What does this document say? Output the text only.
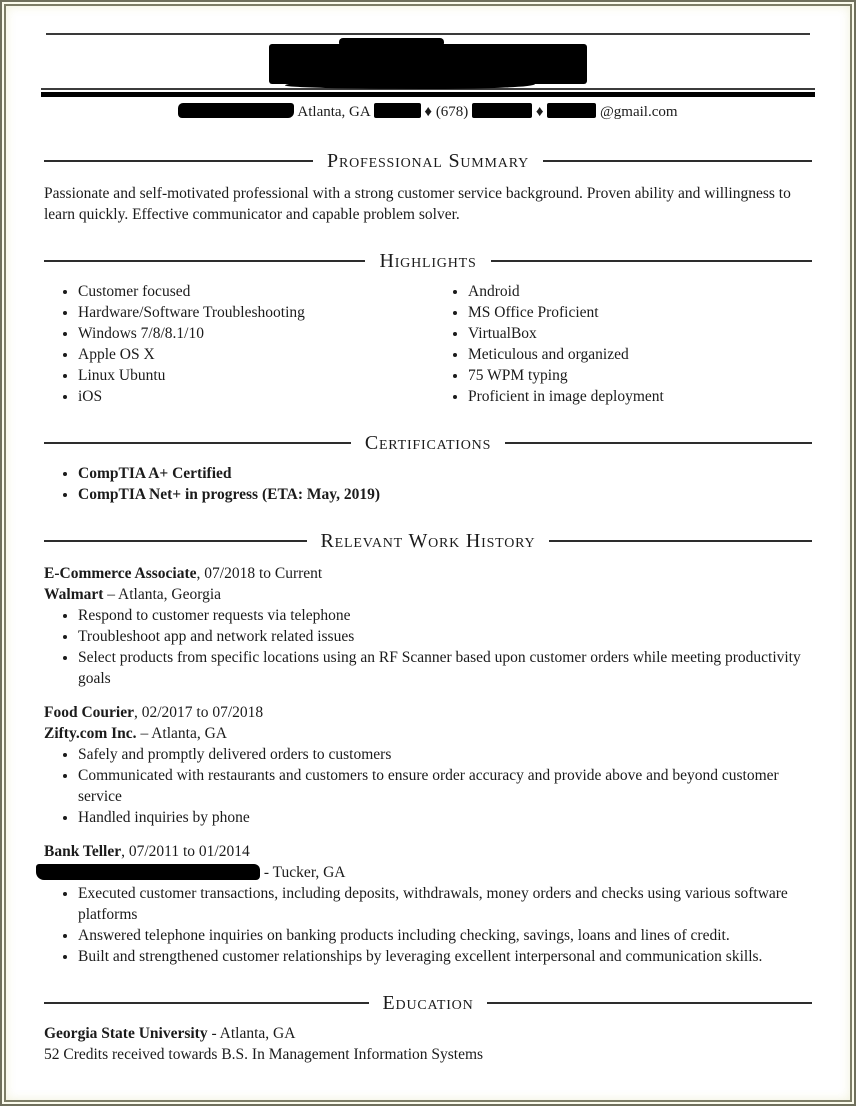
Atlanta, GA	♦ (678)	♦	@gmail.com
Professional Summary

Passionate and self-motivated professional with a strong customer service background. Proven ability and willingness to learn quickly. Effective communicator and capable problem solver.

Highlights
• Customer focused
• Hardware/Software Troubleshooting
• Windows 7/8/8.1/10
• Apple OS X
• Linux Ubuntu
• iOS
• Android
• MS Office Proficient
• VirtualBox
• Meticulous and organized
• 75 WPM typing
• Proficient in image deployment
Certifications
• CompTIA A+ Certified
• CompTIA Net+ in progress (ETA: May, 2019)
Relevant Work History

E-Commerce Associate, 07/2018 to Current

Walmart – Atlanta, Georgia

• Respond to customer requests via telephone
• Troubleshoot app and network related issues
• Select products from specific locations using an RF Scanner based upon customer orders while meeting productivity goals

Food Courier, 02/2017 to 07/2018

Zifty.com Inc. – Atlanta, GA

• Safely and promptly delivered orders to customers
• Communicated with restaurants and customers to ensure order accuracy and provide above and beyond customer service
• Handled inquiries by phone

Bank Teller, 07/2011 to 01/2014

- Tucker, GA

• Executed customer transactions, including deposits, withdrawals, money orders and checks using various software platforms
• Answered telephone inquiries on banking products including checking, savings, loans and lines of credit.
• Built and strengthened customer relationships by leveraging excellent interpersonal and communication skills.
Education

Georgia State University - Atlanta, GA

52 Credits received towards B.S. In Management Information Systems
